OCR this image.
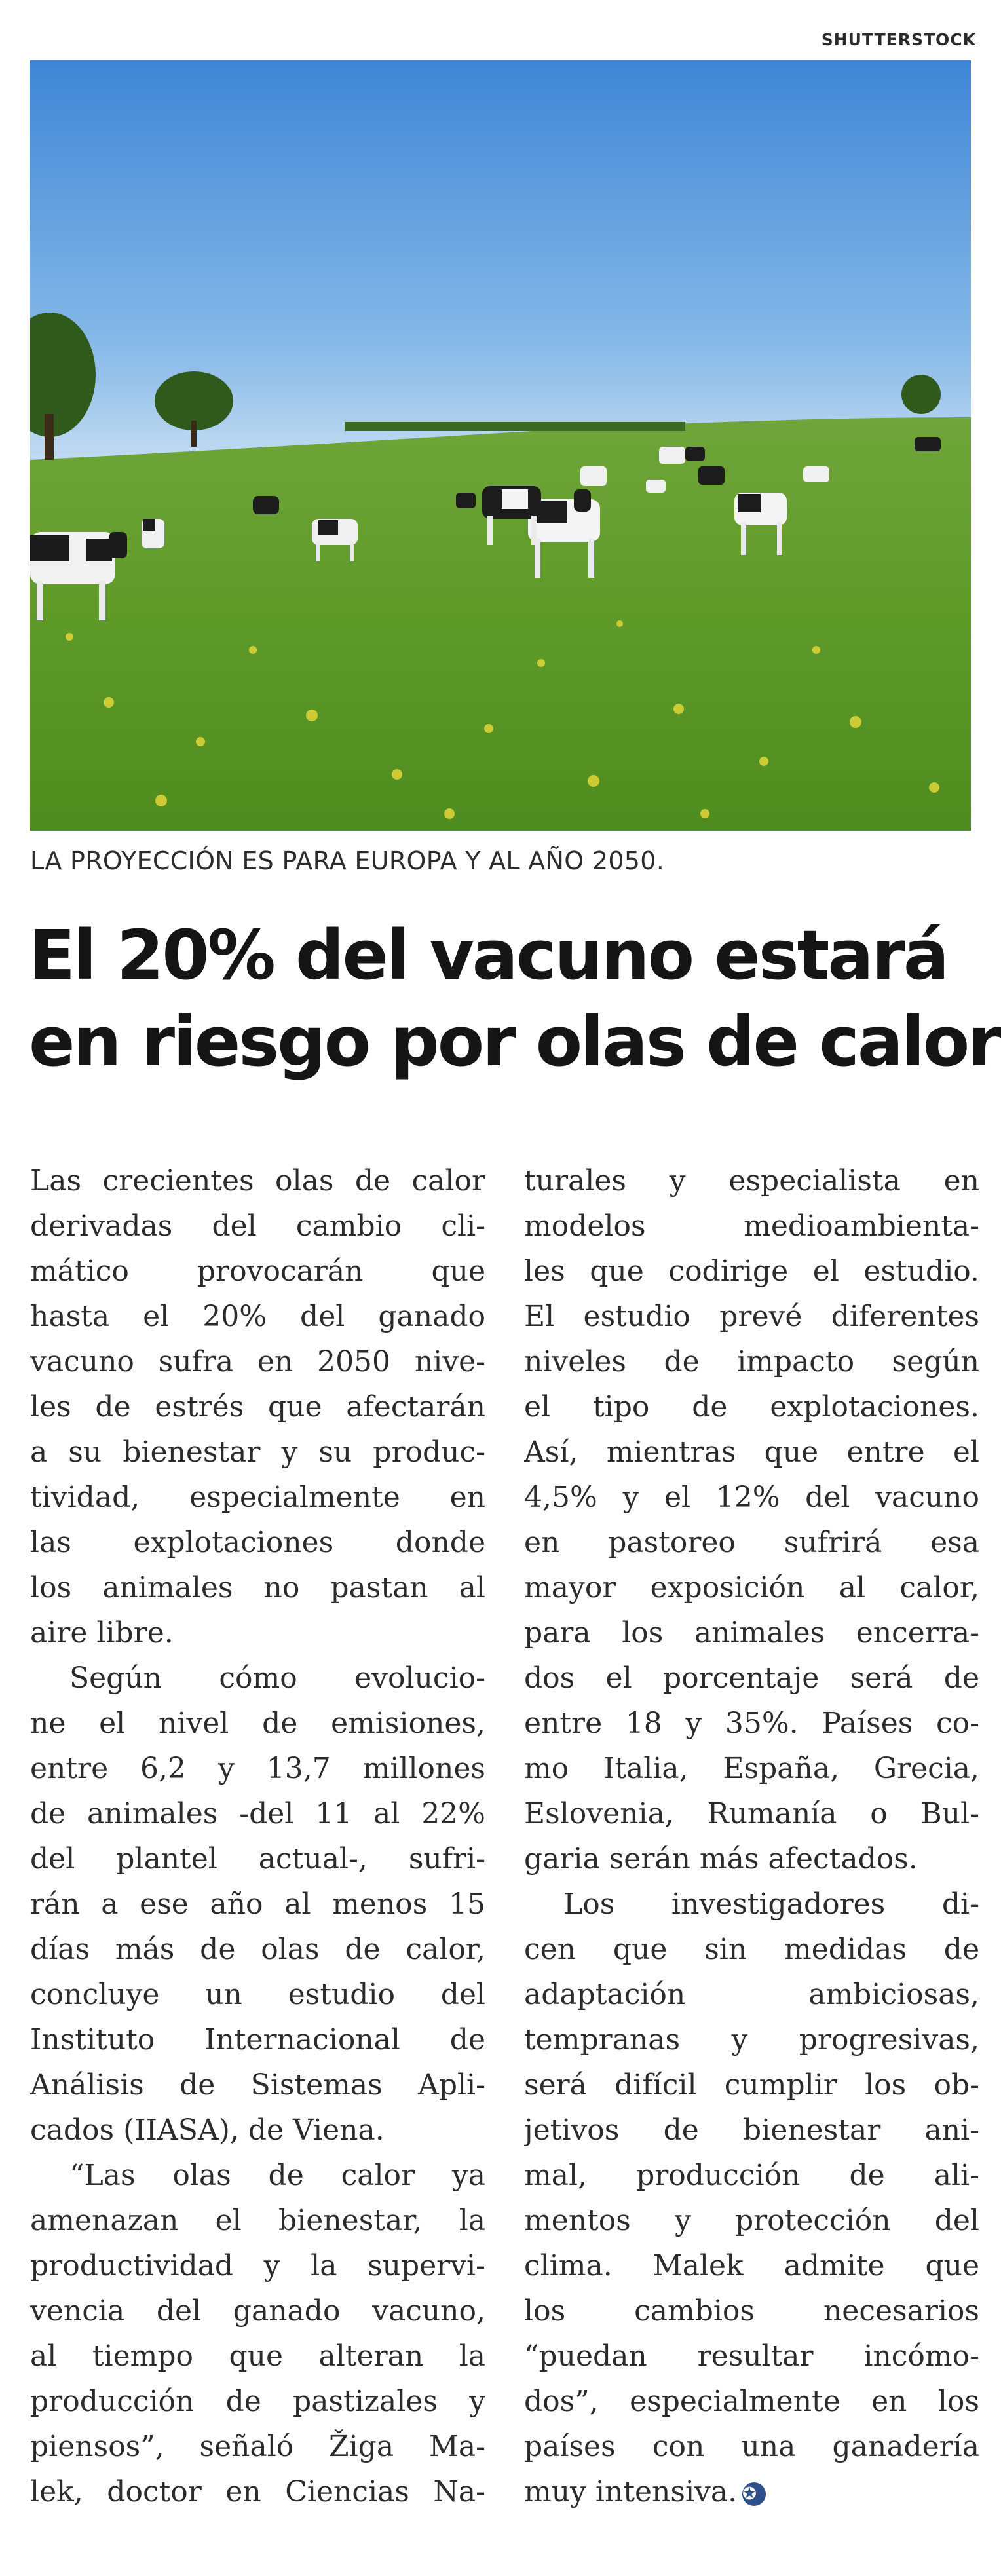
SHUTTERSTOCK
LA PROYECCIÓN ES PARA EUROPA Y AL AÑO 2050.
El 20% del vacuno estará
en riesgo por olas de calor
Las crecientes olas de calor
derivadas del cambio cli-
mático provocarán que
hasta el 20% del ganado
vacuno sufra en 2050 nive-
les de estrés que afectarán
a su bienestar y su produc-
tividad, especialmente en
las explotaciones donde
los animales no pastan al
aire libre.
Según cómo evolucio-
ne el nivel de emisiones,
entre 6,2 y 13,7 millones
de animales -del 11 al 22%
del plantel actual-, sufri-
rán a ese año al menos 15
días más de olas de calor,
concluye un estudio del
Instituto Internacional de
Análisis de Sistemas Apli-
cados (IIASA), de Viena.
“Las olas de calor ya
amenazan el bienestar, la
productividad y la supervi-
vencia del ganado vacuno,
al tiempo que alteran la
producción de pastizales y
piensos”, señaló Žiga Ma-
lek, doctor en Ciencias Na-
turales y especialista en
modelos medioambienta-
les que codirige el estudio.
El estudio prevé diferentes
niveles de impacto según
el tipo de explotaciones.
Así, mientras que entre el
4,5% y el 12% del vacuno
en pastoreo sufrirá esa
mayor exposición al calor,
para los animales encerra-
dos el porcentaje será de
entre 18 y 35%. Países co-
mo Italia, España, Grecia,
Eslovenia, Rumanía o Bul-
garia serán más afectados.
Los investigadores di-
cen que sin medidas de
adaptación ambiciosas,
tempranas y progresivas,
será difícil cumplir los ob-
jetivos de bienestar ani-
mal, producción de ali-
mentos y protección del
clima. Malek admite que
los cambios necesarios
“puedan resultar incómo-
dos”, especialmente en los
países con una ganadería
muy intensiva. ✪
